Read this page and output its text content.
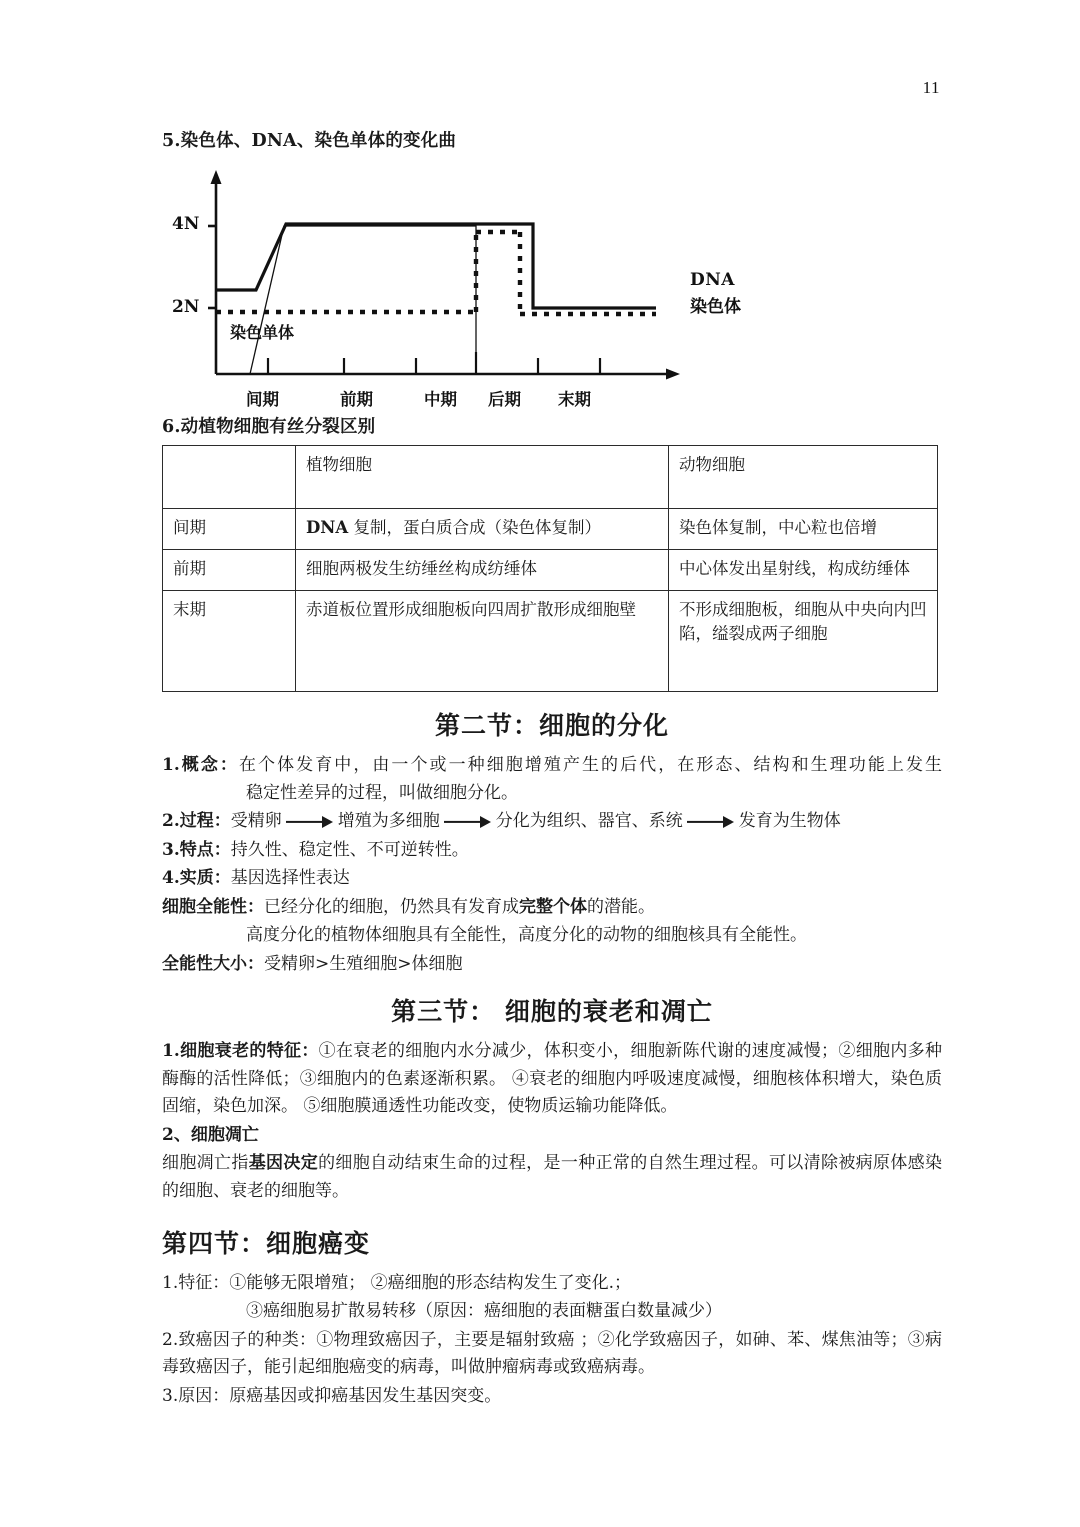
11
5.染色体、DNA、染色单体的变化曲
4N
2N
DNA
染色体
染色单体
间期	前期	中期 后期 末期
6.动植物细胞有丝分裂区别
	植物细胞	动物细胞
间期	DNA 复制，蛋白质合成（染色体复制）	染色体复制，中心粒也倍增
前期	细胞两极发生纺缍丝构成纺缍体	中心体发出星射线，构成纺缍体
末期	赤道板位置形成细胞板向四周扩散形成细胞壁	不形成细胞板，细胞从中央向内凹陷，缢裂成两子细胞
第二节：细胞的分化

1.概念：在个体发育中，由一个或一种细胞增殖产生的后代，在形态、结构和生理功能上发生稳定性差异的过程，叫做细胞分化。

2.过程：受精卵	增殖为多细胞	分化为组织、器官、系统	发育为生物体

3.特点：持久性、稳定性、不可逆转性。

4.实质：基因选择性表达

细胞全能性：已经分化的细胞，仍然具有发育成完整个体的潜能。

高度分化的植物体细胞具有全能性，高度分化的动物的细胞核具有全能性。

全能性大小：受精卵>生殖细胞>体细胞

第三节： 细胞的衰老和凋亡

1.细胞衰老的特征：①在衰老的细胞内水分减少，体积变小，细胞新陈代谢的速度减慢；②细胞内多种酶酶的活性降低；③细胞内的色素逐渐积累。 ④衰老的细胞内呼吸速度减慢，细胞核体积增大，染色质固缩，染色加深。 ⑤细胞膜通透性功能改变，使物质运输功能降低。

2、细胞凋亡

细胞凋亡指基因决定的细胞自动结束生命的过程，是一种正常的自然生理过程。可以清除被病原体感染的细胞、衰老的细胞等。

第四节：细胞癌变

1.特征：①能够无限增殖； ②癌细胞的形态结构发生了变化.；

③癌细胞易扩散易转移（原因：癌细胞的表面糖蛋白数量减少）

2.致癌因子的种类：①物理致癌因子，主要是辐射致癌 ；②化学致癌因子，如砷、苯、煤焦油等；③病毒致癌因子，能引起细胞癌变的病毒，叫做肿瘤病毒或致癌病毒。

3.原因：原癌基因或抑癌基因发生基因突变。
